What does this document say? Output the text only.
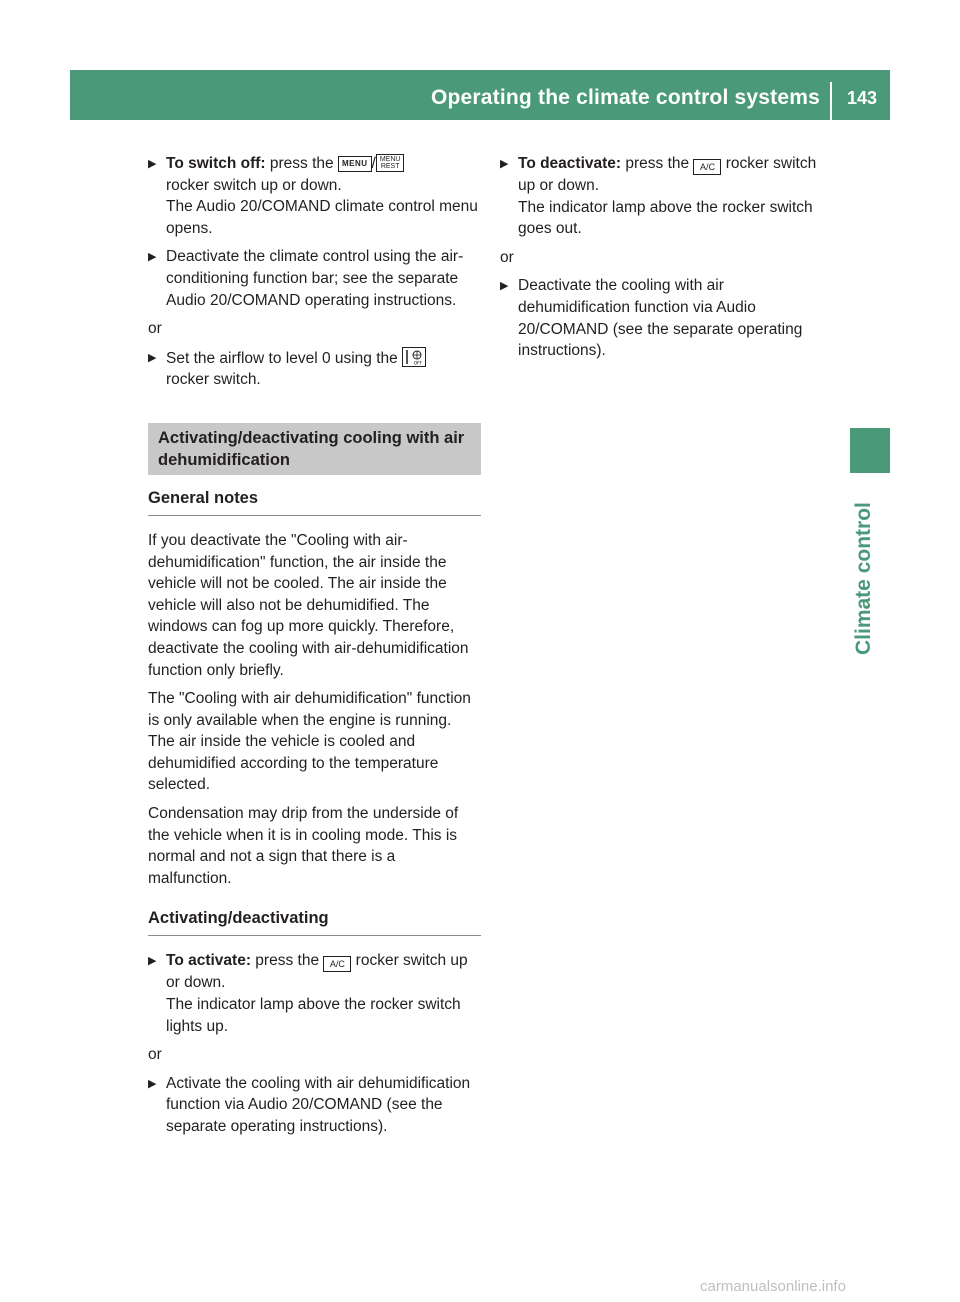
Operating the climate control systems	143
Climate control
▶ To switch off: press the MENU / MENU
REST

rocker switch up or down.
The Audio 20/COMAND climate control menu opens.

▶ Deactivate the climate control using the air-conditioning function bar; see the separate Audio 20/COMAND operating instructions.

or

▶ Set the airflow to level 0 using the	OFF

rocker switch.

Activating/deactivating cooling with air dehumidification
General notes

If you deactivate the "Cooling with air-dehumidification" function, the air inside the vehicle will not be cooled. The air inside the vehicle will also not be dehumidified. The windows can fog up more quickly. Therefore, deactivate the cooling with air-dehumidification function only briefly.

The "Cooling with air dehumidification" function is only available when the engine is running. The air inside the vehicle is cooled and dehumidified according to the temperature selected.

Condensation may drip from the underside of the vehicle when it is in cooling mode. This is normal and not a sign that there is a malfunction.

Activating/deactivating
▶ To activate: press the A/C rocker switch up or down.
The indicator lamp above the rocker switch lights up.

or

▶ Activate the cooling with air dehumidification function via Audio 20/COMAND (see the separate operating instructions).

▶ To deactivate: press the A/C rocker switch up or down.
The indicator lamp above the rocker switch goes out.

or

▶ Deactivate the cooling with air dehumidification function via Audio 20/COMAND (see the separate operating instructions).

carmanualsonline.info
